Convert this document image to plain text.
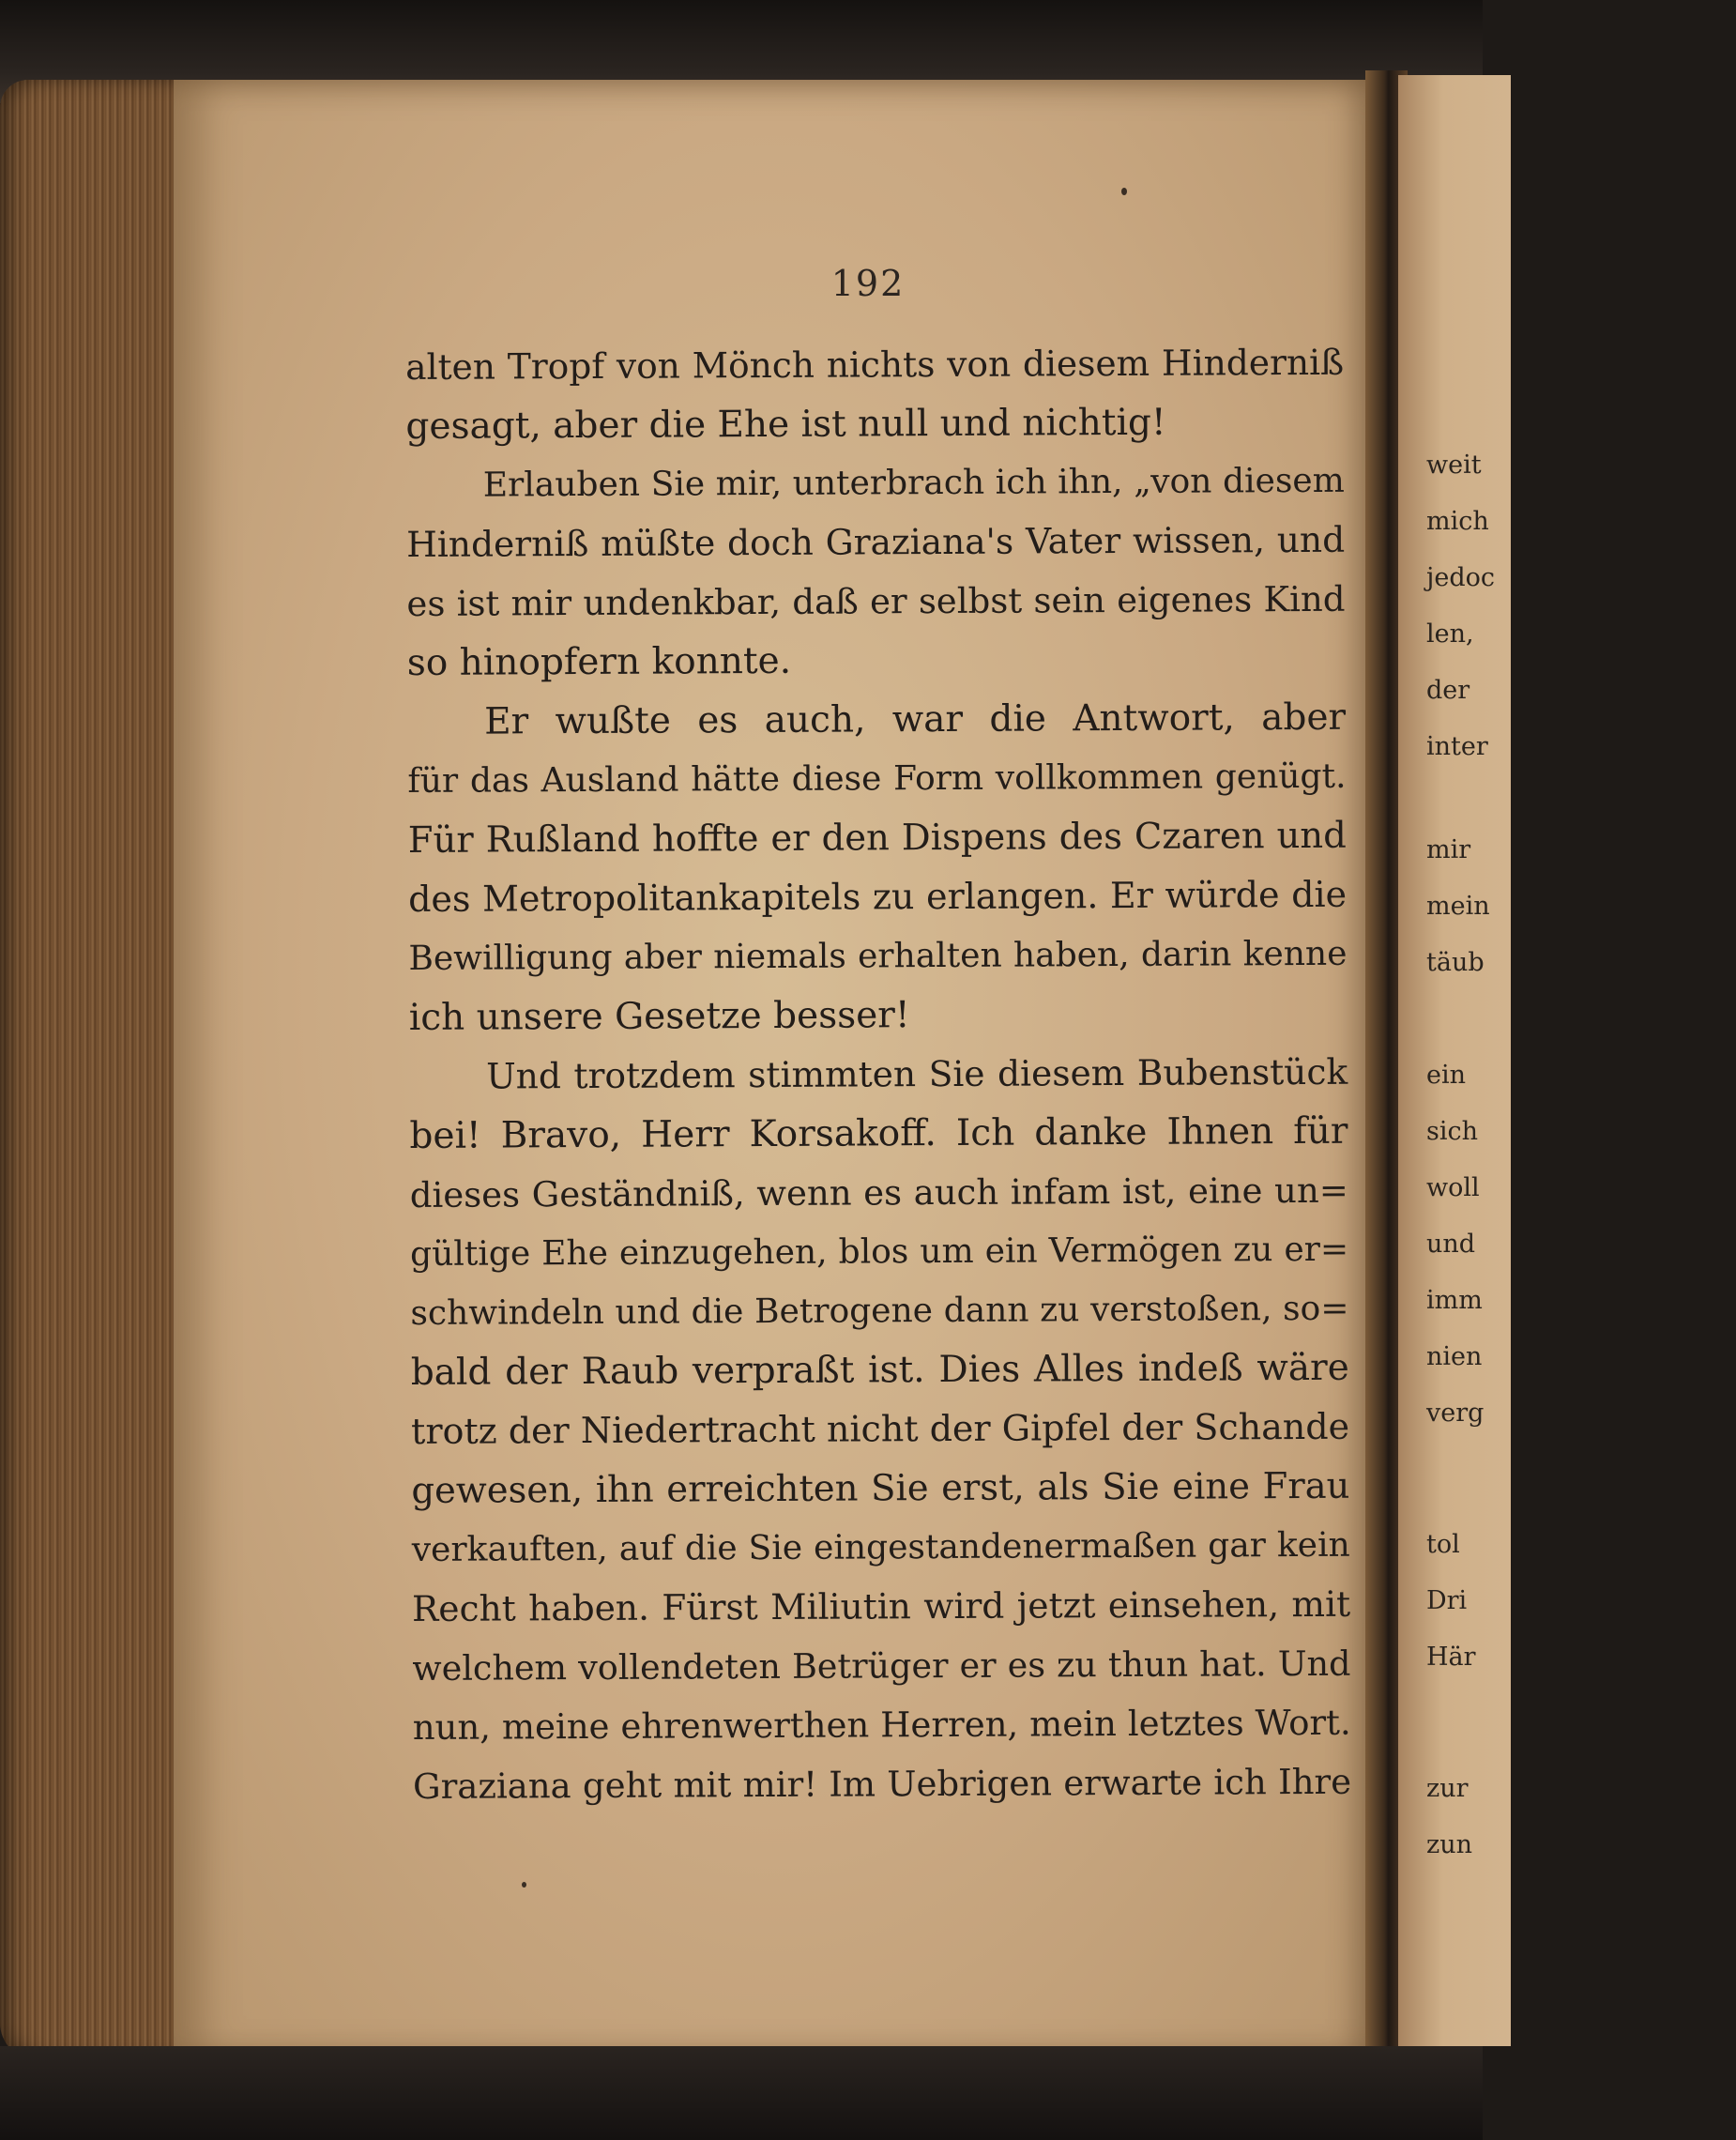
weit
mich
jedoc
len,
der
inter
mir
mein
täub
ein
sich
woll
und
imm
nien
verg
tol
Dri
Här
zur
zun
192
alten Tropf von Mönch nichts von diesem Hinderniß
gesagt, aber die Ehe ist null und nichtig!
Erlauben Sie mir, unterbrach ich ihn, „von diesem
Hinderniß müßte doch Graziana's Vater wissen, und
es ist mir undenkbar, daß er selbst sein eigenes Kind
so hinopfern konnte.
Er wußte es auch, war die Antwort, aber
für das Ausland hätte diese Form vollkommen genügt.
Für Rußland hoffte er den Dispens des Czaren und
des Metropolitankapitels zu erlangen. Er würde die
Bewilligung aber niemals erhalten haben, darin kenne
ich unsere Gesetze besser!
Und trotzdem stimmten Sie diesem Bubenstück
bei! Bravo, Herr Korsakoff. Ich danke Ihnen für
dieses Geständniß, wenn es auch infam ist, eine un=
gültige Ehe einzugehen, blos um ein Vermögen zu er=
schwindeln und die Betrogene dann zu verstoßen, so=
bald der Raub verpraßt ist. Dies Alles indeß wäre
trotz der Niedertracht nicht der Gipfel der Schande
gewesen, ihn erreichten Sie erst, als Sie eine Frau
verkauften, auf die Sie eingestandenermaßen gar kein
Recht haben. Fürst Miliutin wird jetzt einsehen, mit
welchem vollendeten Betrüger er es zu thun hat. Und
nun, meine ehrenwerthen Herren, mein letztes Wort.
Graziana geht mit mir! Im Uebrigen erwarte ich Ihre
